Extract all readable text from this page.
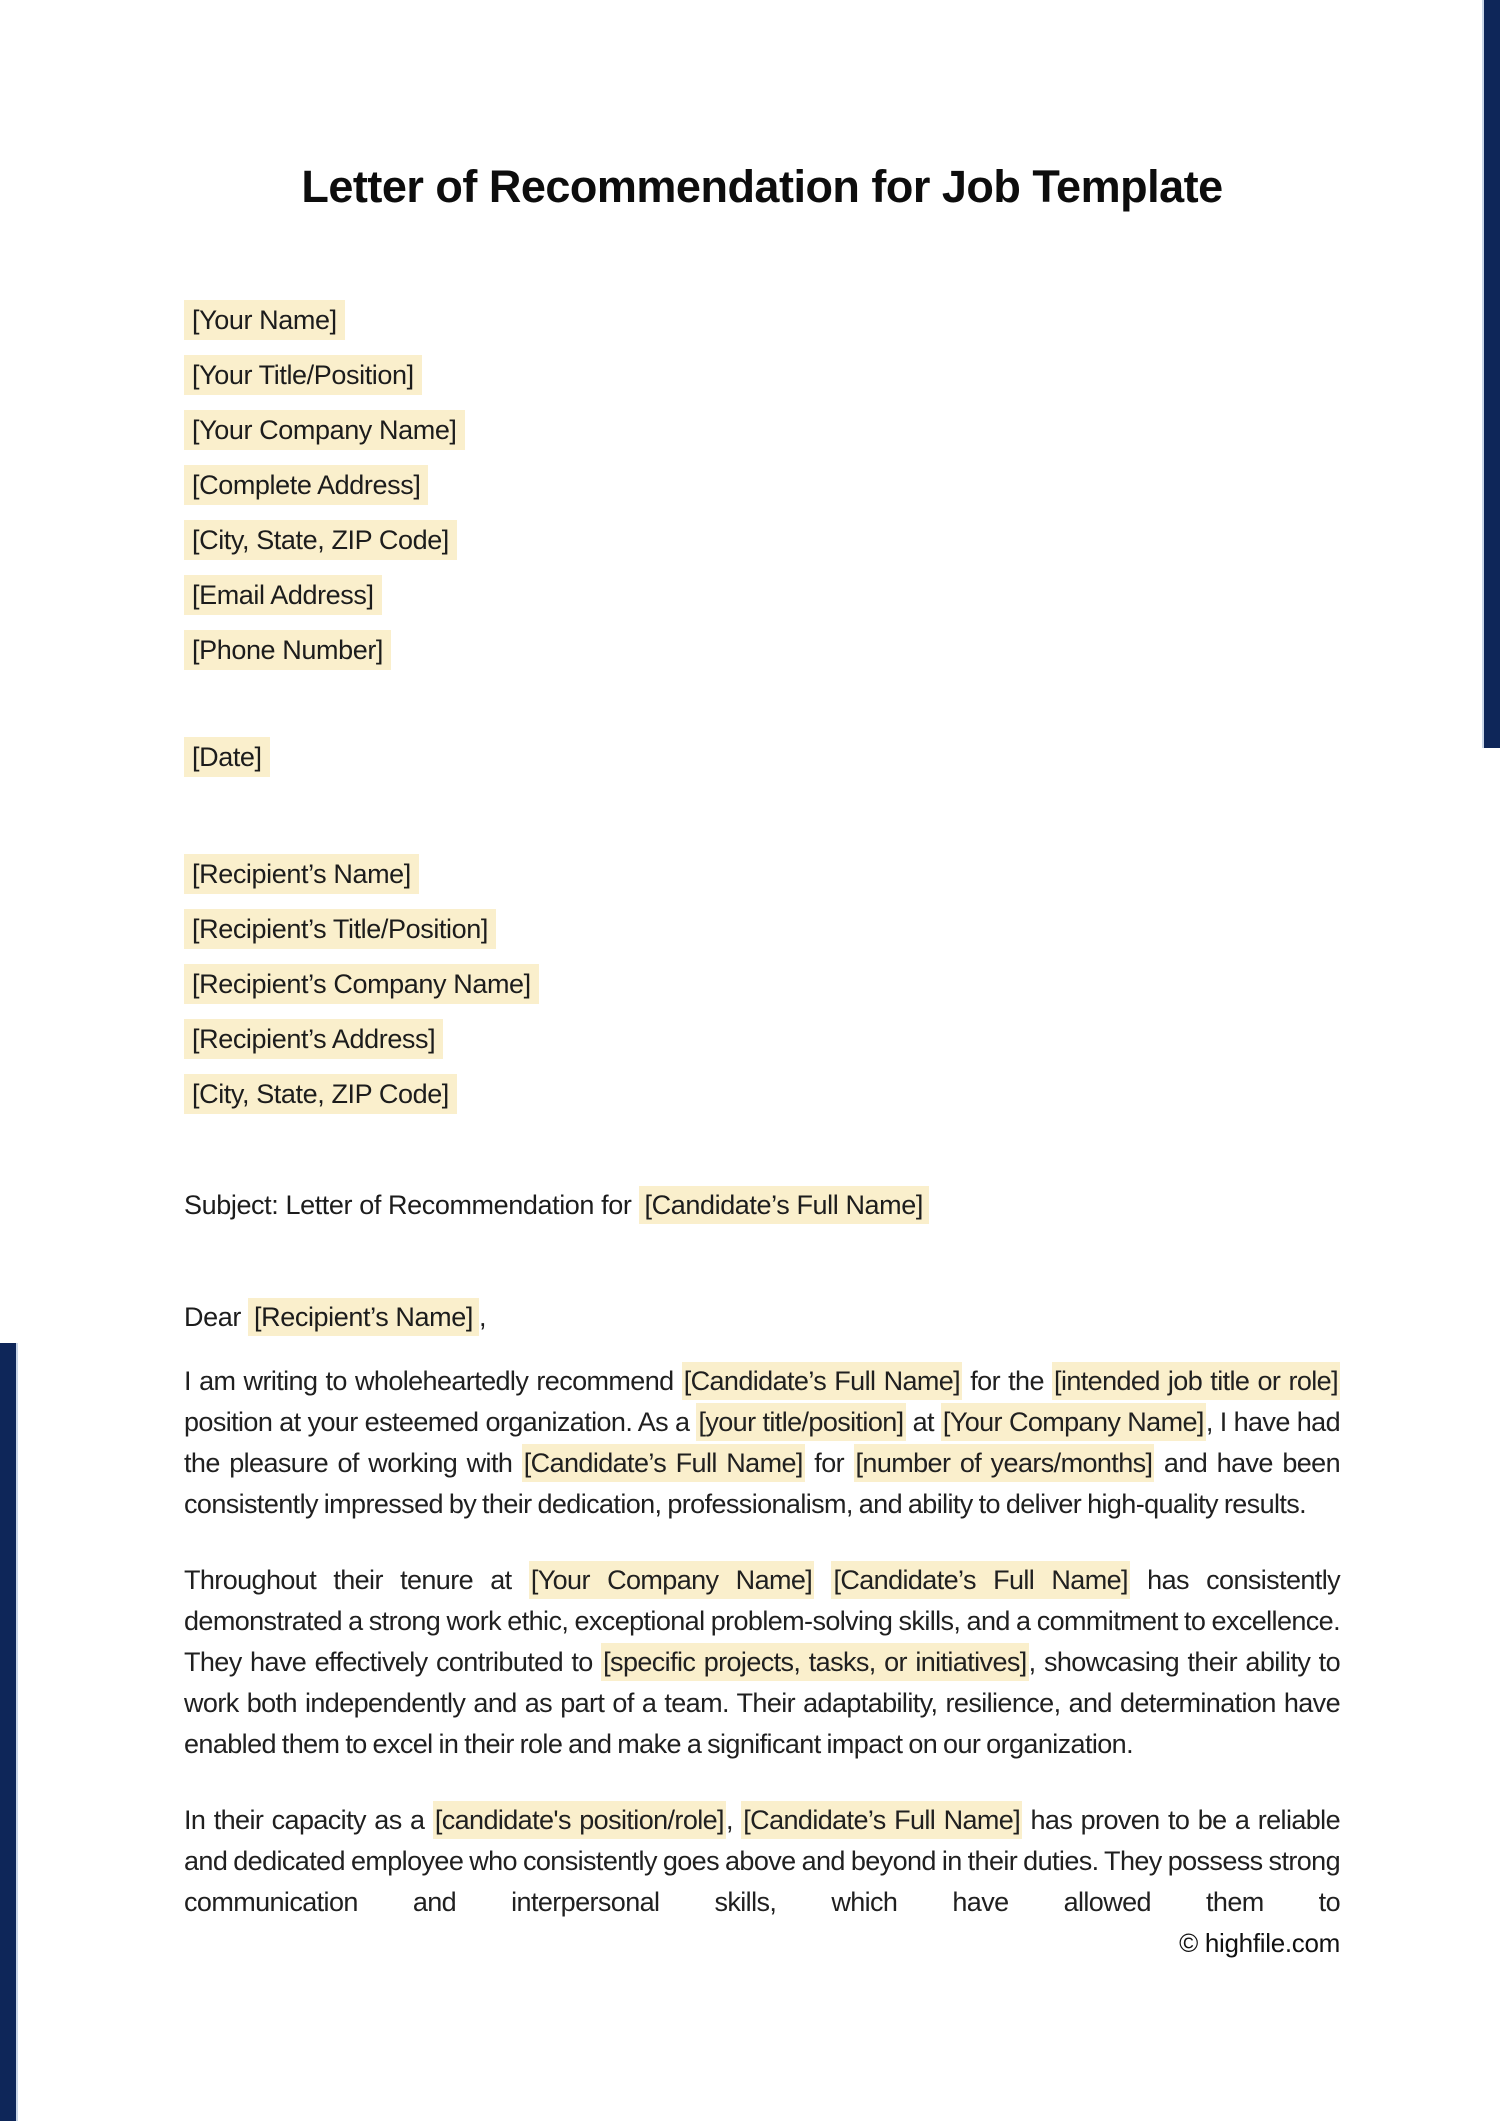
Letter of Recommendation for Job Template
[Your Name]
[Your Title/Position]
[Your Company Name]
[Complete Address]
[City, State, ZIP Code]
[Email Address]
[Phone Number]
[Date]
[Recipient’s Name]
[Recipient’s Title/Position]
[Recipient’s Company Name]
[Recipient’s Address]
[City, State, ZIP Code]

Subject: Letter of Recommendation for [Candidate’s Full Name]

Dear [Recipient’s Name] ,

I am writing to wholeheartedly recommend [Candidate’s Full Name] for the [intended job title or role] position at your esteemed organization. As a [your title/position] at [Your Company Name], I have had the pleasure of working with [Candidate’s Full Name] for [number of years/months] and have been consistently impressed by their dedication, professionalism, and ability to deliver high-quality results.

Throughout their tenure at [Your Company Name] [Candidate’s Full Name] has consistently demonstrated a strong work ethic, exceptional problem-solving skills, and a commitment to excellence. They have effectively contributed to [specific projects, tasks, or initiatives], showcasing their ability to work both independently and as part of a team. Their adaptability, resilience, and determination have enabled them to excel in their role and make a significant impact on our organization.

In their capacity as a [candidate's position/role], [Candidate’s Full Name] has proven to be a reliable and dedicated employee who consistently goes above and beyond in their duties. They possess strong communication and interpersonal skills, which have allowed them to

© highfile.com
